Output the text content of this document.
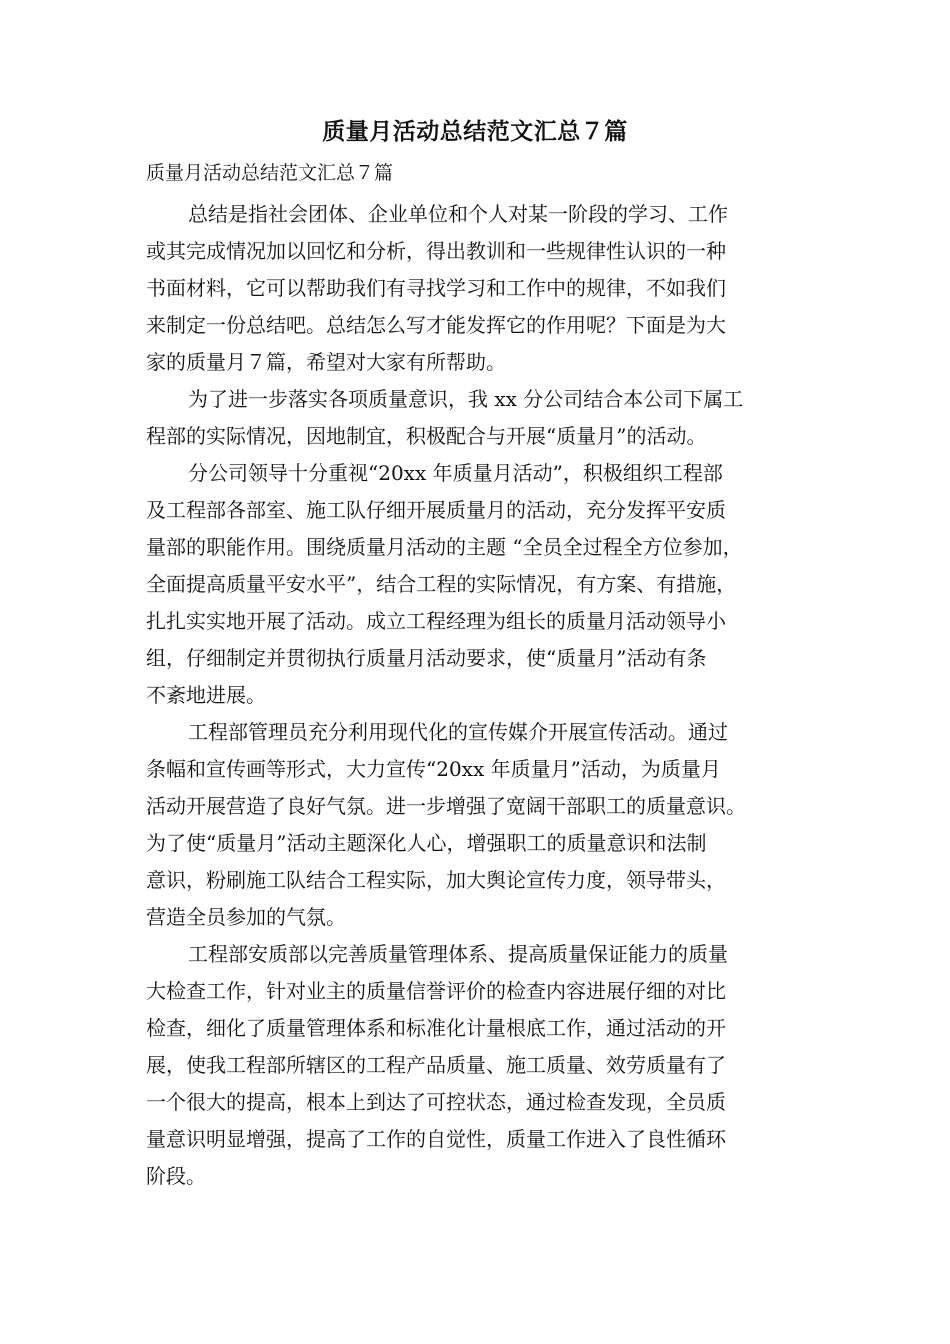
质量月活动总结范文汇总７篇
质量月活动总结范文汇总７篇
总结是指社会团体、企业单位和个人对某一阶段的学习、工作
或其完成情况加以回忆和分析，得出教训和一些规律性认识的一种
书面材料，它可以帮助我们有寻找学习和工作中的规律，不如我们
来制定一份总结吧。总结怎么写才能发挥它的作用呢？下面是为大
家的质量月７篇，希望对大家有所帮助。
为了进一步落实各项质量意识，我 xx 分公司结合本公司下属工
程部的实际情况，因地制宜，积极配合与开展“质量月”的活动。
分公司领导十分重视“20xx 年质量月活动”，积极组织工程部
及工程部各部室、施工队仔细开展质量月的活动，充分发挥平安质
量部的职能作用。围绕质量月活动的主题 “全员全过程全方位参加，
全面提高质量平安水平”，结合工程的实际情况，有方案、有措施，
扎扎实实地开展了活动。成立工程经理为组长的质量月活动领导小
组，仔细制定并贯彻执行质量月活动要求，使“质量月”活动有条
不紊地进展。
工程部管理员充分利用现代化的宣传媒介开展宣传活动。通过
条幅和宣传画等形式，大力宣传“20xx 年质量月”活动，为质量月
活动开展营造了良好气氛。进一步增强了宽阔干部职工的质量意识。
为了使“质量月”活动主题深化人心，增强职工的质量意识和法制
意识，粉刷施工队结合工程实际，加大舆论宣传力度，领导带头，
营造全员参加的气氛。
工程部安质部以完善质量管理体系、提高质量保证能力的质量
大检查工作，针对业主的质量信誉评价的检查内容进展仔细的对比
检查，细化了质量管理体系和标准化计量根底工作，通过活动的开
展，使我工程部所辖区的工程产品质量、施工质量、效劳质量有了
一个很大的提高，根本上到达了可控状态，通过检查发现，全员质
量意识明显增强，提高了工作的自觉性，质量工作进入了良性循环
阶段。
